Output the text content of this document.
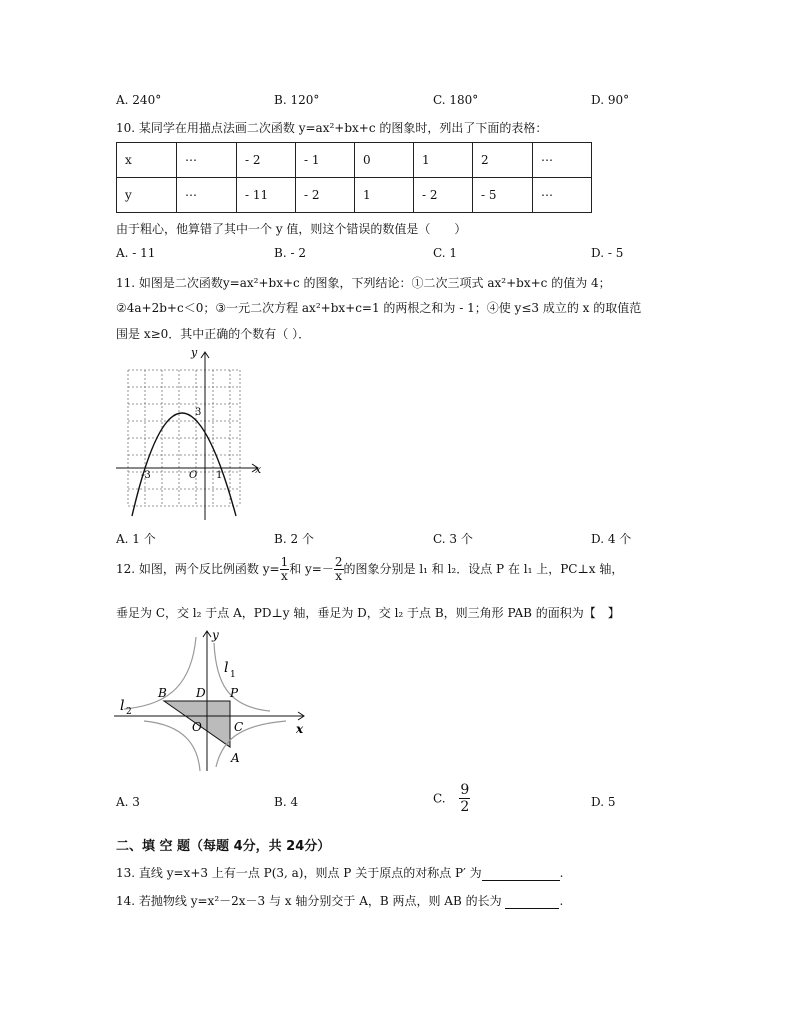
A. 240°	B. 120°	C. 180°	D. 90°
10. 某同学在用描点法画二次函数 y=ax²+bx+c 的图象时，列出了下面的表格：
x	⋯	- 2	- 1	0	1	2	⋯
y	⋯	- 11	- 2	1	- 2	- 5	⋯
由于粗心，他算错了其中一个 y 值，则这个错误的数值是（　　）
A. - 11	B. - 2	C. 1	D. - 5
11. 如图是二次函数y=ax²+bx+c 的图象，下列结论：①二次三项式 ax²+bx+c 的值为 4；
②4a+2b+c＜0；③一元二次方程 ax²+bx+c=1 的两根之和为 - 1；④使 y≤3 成立的 x 的取值范
围是 x≥0．其中正确的个数有（ ）．
y
x
3
-3	O 1
A. 1 个	B. 2 个	C. 3 个	D. 4 个
12. 如图，两个反比例函数 $y= \frac{1}{x}$ 和 $y=- \frac{2}{x}$ 的图象分别是 l₁ 和 l₂．设点 P 在 l₁ 上，PC⊥x 轴，
垂足为 C，交 l₂ 于点 A，PD⊥y 轴，垂足为 D，交 l₂ 于点 B，则三角形 PAB 的面积为【　】
y
x
l 1
l 2
B D P
O	C
A
A. 3	B. 4	C. $\frac{9}{2}$	D. 5
二、填 空 题（每题 4分，共 24分）
13. 直线 y=x+3 上有一点 P(3, a)，则点 P 关于原点的对称点 P′ 为	.
14. 若抛物线 y=x²－2x－3 与 x 轴分别交于 A，B 两点，则 AB 的长为	.
